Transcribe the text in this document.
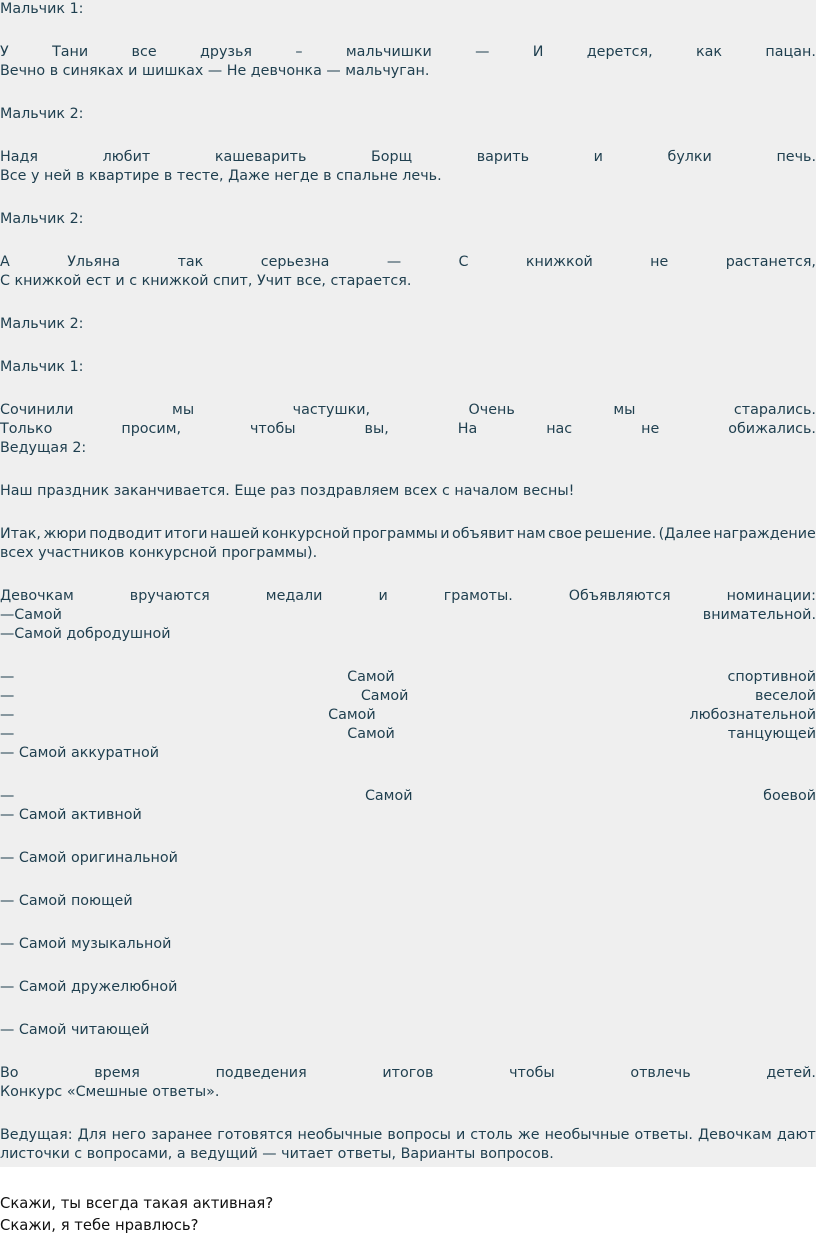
Мальчик 1:

У	Тани	все	друзья	–	мальчишки	—	И	дерется,	как	пацан.

Вечно в синяках и шишках — Не девчонка — мальчуган.

Мальчик 2:

Надя	любит	кашеварить	Борщ	варить	и	булки	печь.

Все у ней в квартире в тесте, Даже негде в спальне лечь.

Мальчик 2:

А	Ульяна	так	серьезна	—	С	книжкой	не	растанется,

С книжкой ест и с книжкой спит, Учит все, старается.

Мальчик 2:

Мальчик 1:

Сочинили	мы	частушки,	Очень	мы	старались.

Только	просим,	чтобы	вы,	На	нас	не	обижались.

Ведущая 2:

Наш праздник заканчивается. Еще раз поздравляем всех с началом весны!

Итак, жюри подводит итоги нашей конкурсной программы и объявит нам свое решение. (Далее награждение

всех участников конкурсной программы).

Девочкам	вручаются	медали	и	грамоты.	Объявляются	номинации:

—Самой	внимательной.

—Самой добродушной

—	Самой	спортивной

—	Самой	веселой

—	Самой	любознательной

—	Самой	танцующей

— Самой аккуратной

—	Самой	боевой

— Самой активной

— Самой оригинальной

— Самой поющей

— Самой музыкальной

— Самой дружелюбной

— Самой читающей

Во	время	подведения	итогов	чтобы	отвлечь	детей.

Конкурс «Смешные ответы».

Ведущая: Для него заранее готовятся необычные вопросы и столь же необычные ответы. Девочкам дают

листочки с вопросами, а ведущий — читает ответы, Варианты вопросов.

Скажи, ты всегда такая активная?

Скажи, я тебе нравлюсь?
